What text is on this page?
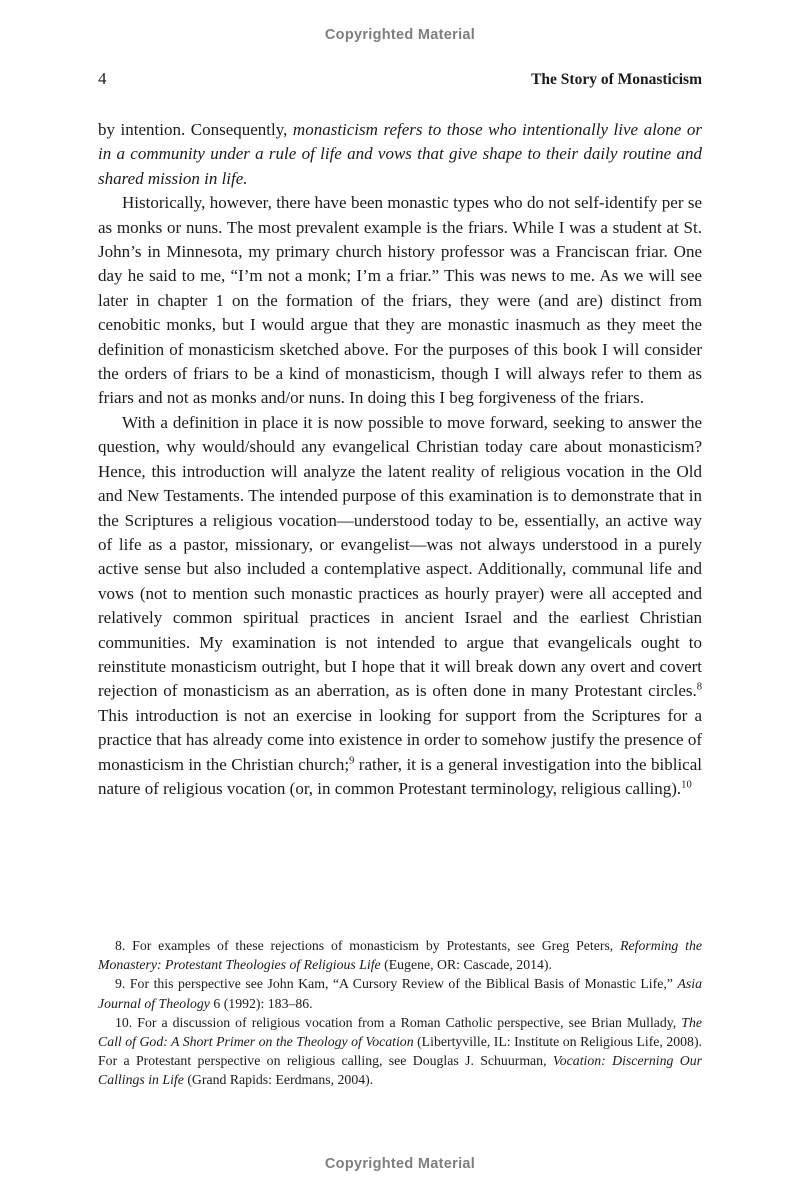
Copyrighted Material
4	The Story of Monasticism

by intention. Consequently, monasticism refers to those who intentionally live alone or in a community under a rule of life and vows that give shape to their daily routine and shared mission in life.

Historically, however, there have been monastic types who do not self-identify per se as monks or nuns. The most prevalent example is the friars. While I was a student at St. John’s in Minnesota, my primary church history professor was a Franciscan friar. One day he said to me, “I’m not a monk; I’m a friar.” This was news to me. As we will see later in chapter 1 on the formation of the friars, they were (and are) distinct from cenobitic monks, but I would argue that they are monastic inasmuch as they meet the definition of monasticism sketched above. For the purposes of this book I will consider the orders of friars to be a kind of monasticism, though I will always refer to them as friars and not as monks and/or nuns. In doing this I beg forgiveness of the friars.

With a definition in place it is now possible to move forward, seeking to answer the question, why would/should any evangelical Christian today care about monasticism? Hence, this introduction will analyze the latent reality of religious vocation in the Old and New Testaments. The intended purpose of this examination is to demonstrate that in the Scriptures a religious vocation—understood today to be, essentially, an active way of life as a pastor, missionary, or evangelist—was not always understood in a purely active sense but also included a contemplative aspect. Additionally, communal life and vows (not to mention such monastic practices as hourly prayer) were all accepted and relatively common spiritual practices in ancient Israel and the earliest Christian communities. My examination is not intended to argue that evangelicals ought to reinstitute monasticism outright, but I hope that it will break down any overt and covert rejection of monasticism as an aberration, as is often done in many Protestant circles.$^8$ This introduction is not an exercise in looking for support from the Scriptures for a practice that has already come into existence in order to somehow justify the presence of monasticism in the Christian church;$^9$ rather, it is a general investigation into the biblical nature of religious vocation (or, in common Protestant terminology, religious calling).$^{10}$

8. For examples of these rejections of monasticism by Protestants, see Greg Peters, Reforming the Monastery: Protestant Theologies of Religious Life (Eugene, OR: Cascade, 2014).

9. For this perspective see John Kam, “A Cursory Review of the Biblical Basis of Monastic Life,” Asia Journal of Theology 6 (1992): 183–86.

10. For a discussion of religious vocation from a Roman Catholic perspective, see Brian Mullady, The Call of God: A Short Primer on the Theology of Vocation (Libertyville, IL: Institute on Religious Life, 2008). For a Protestant perspective on religious calling, see Douglas J. Schuurman, Vocation: Discerning Our Callings in Life (Grand Rapids: Eerdmans, 2004).

Copyrighted Material
